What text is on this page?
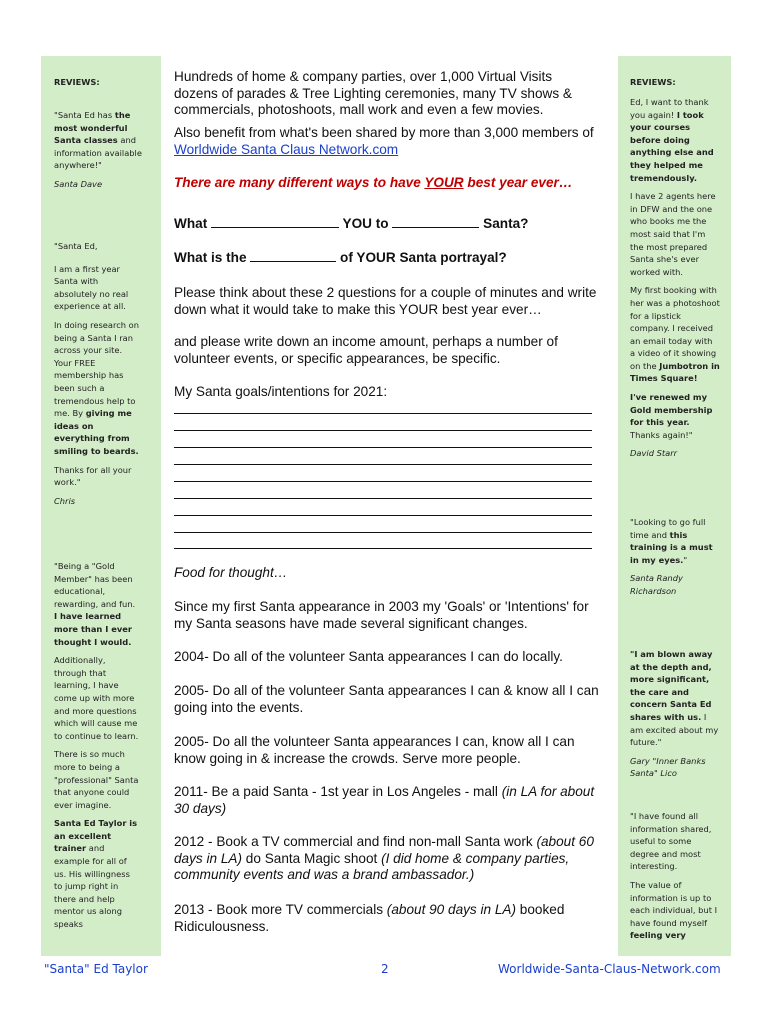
REVIEWS:

"Santa Ed has the most wonderful Santa classes and information available anywhere!"

Santa Dave

"Santa Ed,

I am a first year Santa with absolutely no real experience at all.

In doing research on being a Santa I ran across your site. Your FREE membership has been such a tremendous help to me. By giving me ideas on everything from smiling to beards.

Thanks for all your work."

Chris

"Being a "Gold Member" has been educational, rewarding, and fun. I have learned more than I ever thought I would.

Additionally, through that learning, I have come up with more and more questions which will cause me to continue to learn.

There is so much more to being a "professional" Santa that anyone could ever imagine.

Santa Ed Taylor is an excellent trainer and example for all of us. His willingness to jump right in there and help mentor us along speaks

REVIEWS:

Ed, I want to thank you again! I took your courses before doing anything else and they helped me tremendously.

I have 2 agents here in DFW and the one who books me the most said that I'm the most prepared Santa she's ever worked with.

My first booking with her was a photoshoot for a lipstick company. I received an email today with a video of it showing on the Jumbotron in Times Square!

I've renewed my Gold membership for this year. Thanks again!"

David Starr

"Looking to go full time and this training is a must in my eyes."

Santa Randy Richardson

"I am blown away at the depth and, more significant, the care and concern Santa Ed shares with us. I am excited about my future."

Gary "Inner Banks Santa" Lico

"I have found all information shared, useful to some degree and most interesting.

The value of information is up to each individual, but I have found myself feeling very

Hundreds of home & company parties, over 1,000 Virtual Visits dozens of parades & Tree Lighting ceremonies, many TV shows & commercials, photoshoots, mall work and even a few movies.

Also benefit from what's been shared by more than 3,000 members of Worldwide Santa Claus Network.com

There are many different ways to have YOUR best year ever…
What	YOU to	Santa?
What is the	of YOUR Santa portrayal?

Please think about these 2 questions for a couple of minutes and write down what it would take to make this YOUR best year ever…

and please write down an income amount, perhaps a number of volunteer events, or specific appearances, be specific.

My Santa goals/intentions for 2021:

Food for thought…

Since my first Santa appearance in 2003 my 'Goals' or 'Intentions' for my Santa seasons have made several significant changes.

2004- Do all of the volunteer Santa appearances I can do locally.

2005- Do all of the volunteer Santa appearances I can & know all I can going into the events.

2005- Do all the volunteer Santa appearances I can, know all I can know going in & increase the crowds. Serve more people.

2011- Be a paid Santa - 1st year in Los Angeles - mall (in LA for about 30 days)

2012 - Book a TV commercial and find non-mall Santa work (about 60 days in LA) do Santa Magic shoot (I did home & company parties, community events and was a brand ambassador.)

2013 - Book more TV commercials (about 90 days in LA) booked Ridiculousness.

"Santa" Ed Taylor	2	Worldwide-Santa-Claus-Network.com
